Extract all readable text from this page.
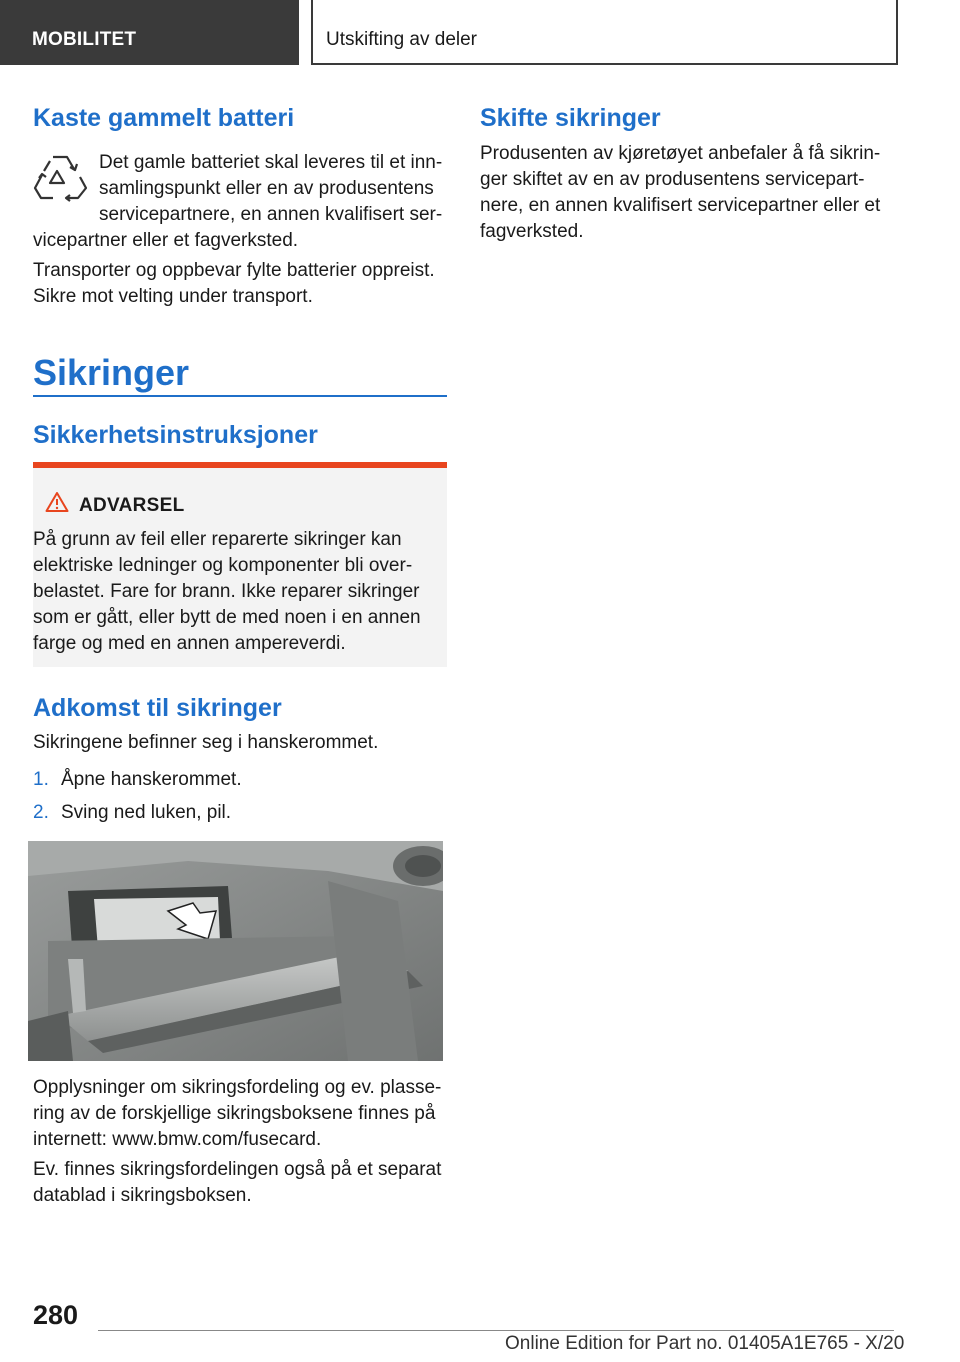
MOBILITET	Utskifting av deler
Kaste gammelt batteri
Det gamle batteriet skal leveres til et inn-
samlingspunkt eller en av produsentens
servicepartnere, en annen kvalifisert ser-
vicepartner eller et fagverksted.
Transporter og oppbevar fylte batterier oppreist.
Sikre mot velting under transport.
Sikringer
Sikkerhetsinstruksjoner
ADVARSEL
På grunn av feil eller reparerte sikringer kan
elektriske ledninger og komponenter bli over-
belastet. Fare for brann. Ikke reparer sikringer
som er gått, eller bytt de med noen i en annen
farge og med en annen ampereverdi.
Adkomst til sikringer
Sikringene befinner seg i hanskerommet.
1. Åpne hanskerommet.
2. Sving ned luken, pil.
Opplysninger om sikringsfordeling og ev. plasse-
ring av de forskjellige sikringsboksene finnes på
internett: www.bmw.com/fusecard.
Ev. finnes sikringsfordelingen også på et separat
datablad i sikringsboksen.
Skifte sikringer
Produsenten av kjøretøyet anbefaler å få sikrin-
ger skiftet av en av produsentens servicepart-
nere, en annen kvalifisert servicepartner eller et
fagverksted.
280
Online Edition for Part no. 01405A1E765 - X/20
